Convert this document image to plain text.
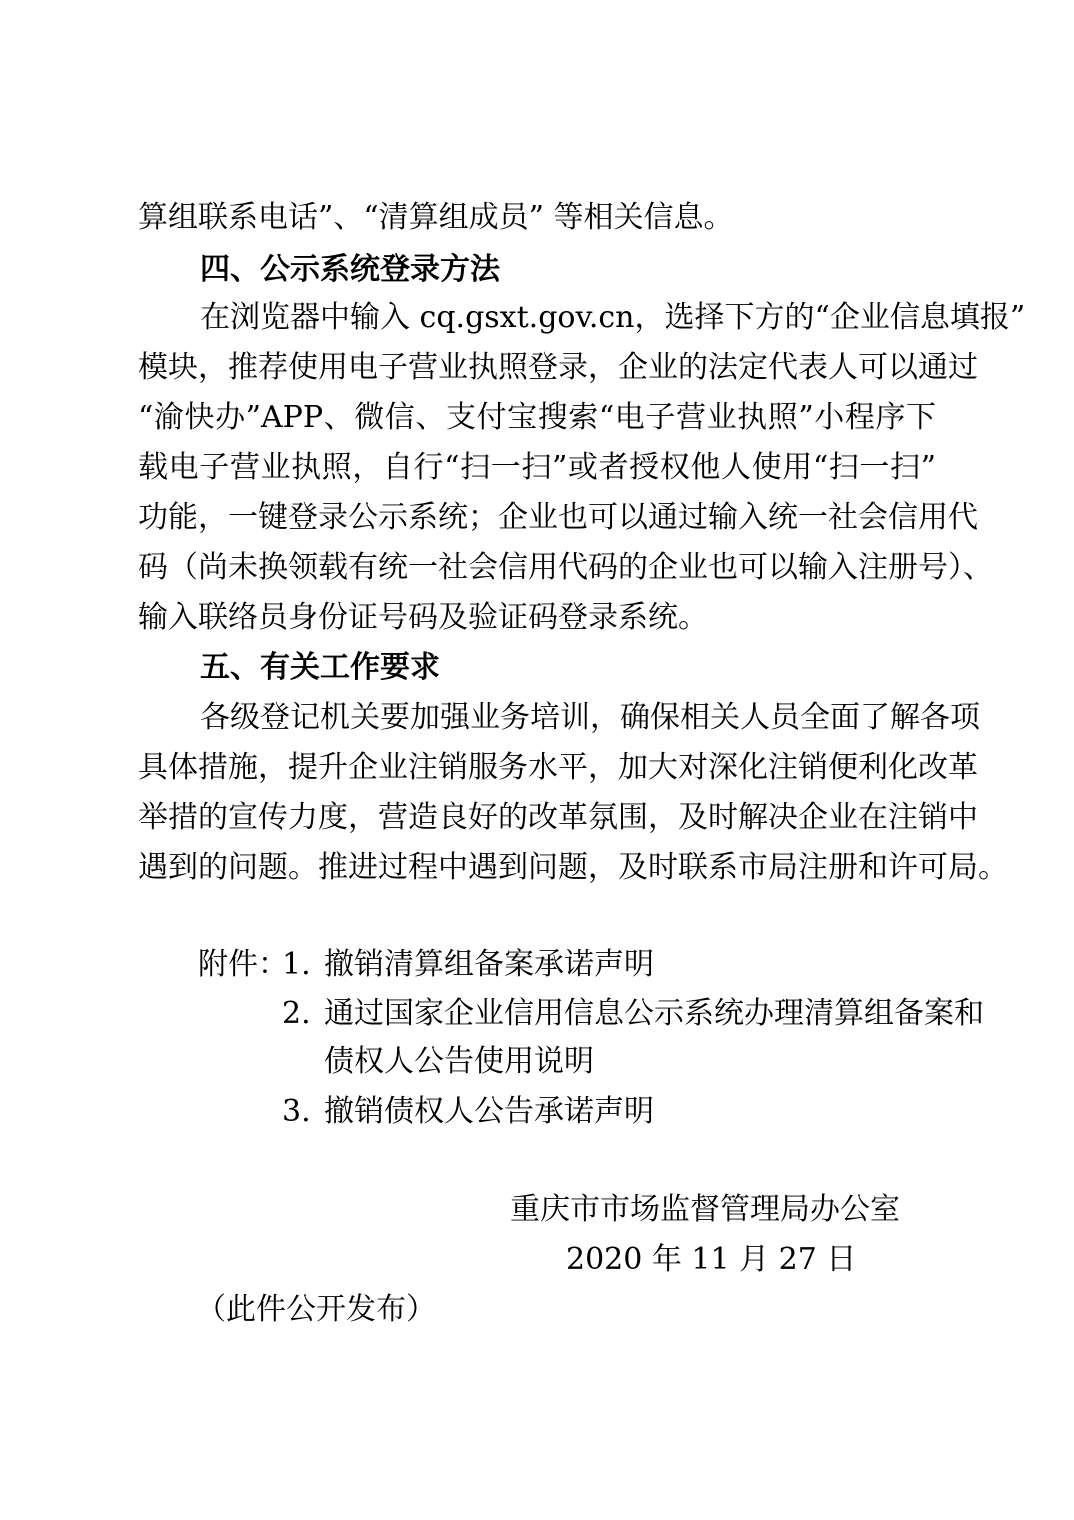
算组联系电话”、“清算组成员” 等相关信息。
四、公示系统登录方法
在浏览器中输入 cq.gsxt.gov.cn，选择下方的“企业信息填报”
模块，推荐使用电子营业执照登录，企业的法定代表人可以通过
“渝快办”APP、微信、支付宝搜索“电子营业执照”小程序下
载电子营业执照，自行“扫一扫”或者授权他人使用“扫一扫”
功能，一键登录公示系统；企业也可以通过输入统一社会信用代
码（尚未换领载有统一社会信用代码的企业也可以输入注册号）、
输入联络员身份证号码及验证码登录系统。
五、有关工作要求
各级登记机关要加强业务培训，确保相关人员全面了解各项
具体措施，提升企业注销服务水平，加大对深化注销便利化改革
举措的宣传力度，营造良好的改革氛围，及时解决企业在注销中
遇到的问题。推进过程中遇到问题，及时联系市局注册和许可局。
附件：
1. 撤销清算组备案承诺声明
2. 通过国家企业信用信息公示系统办理清算组备案和
债权人公告使用说明
3. 撤销债权人公告承诺声明
重庆市市场监督管理局办公室
2020 年 11 月 27 日
（此件公开发布）
